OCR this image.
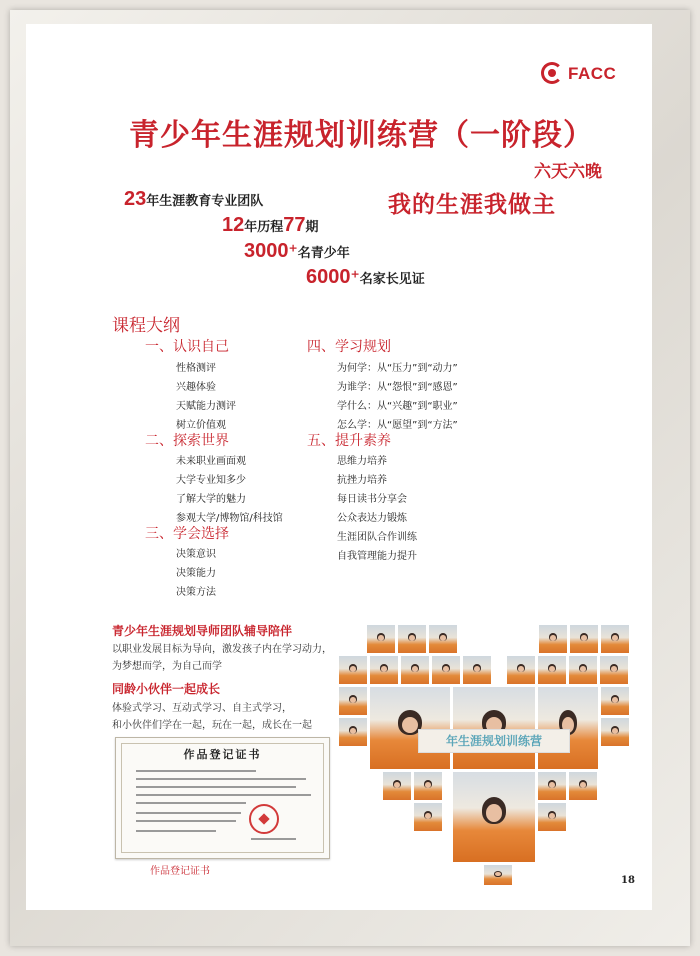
FACC
青少年生涯规划训练营（一阶段）
六天六晚
我的生涯我做主
23年生涯教育专业团队
12年历程77期
3000+名青少年
6000+名家长见证
课程大纲
一、认识自己
性格测评
兴趣体验
天赋能力测评
树立价值观
二、探索世界
未来职业画面观
大学专业知多少
了解大学的魅力
参观大学/博物馆/科技馆
三、学会选择
决策意识
决策能力
决策方法
四、学习规划
为何学：从“压力”到“动力”
为谁学：从“怨恨”到“感恩”
学什么：从“兴趣”到“职业”
怎么学：从“愿望”到“方法”
五、提升素养
思维力培养
抗挫力培养
每日读书分享会
公众表达力锻炼
生涯团队合作训练
自我管理能力提升
青少年生涯规划导师团队辅导陪伴
以职业发展目标为导向，激发孩子内在学习动力，
为梦想而学，为自己而学
同龄小伙伴一起成长
体验式学习、互动式学习、自主式学习，
和小伙伴们学在一起，玩在一起，成长在一起
作品登记证书
作品登记证书
年生涯规划训练营
18
